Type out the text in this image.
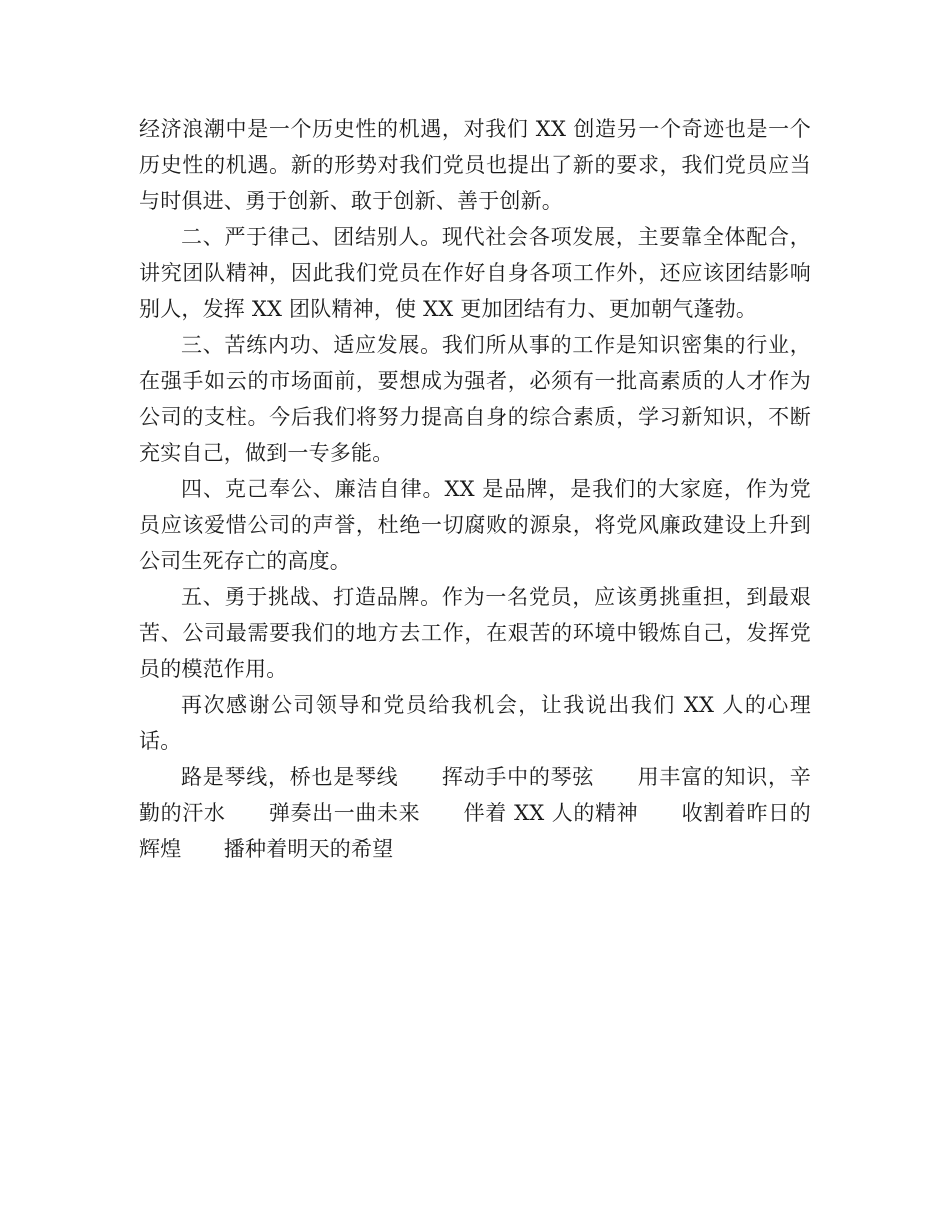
经济浪潮中是一个历史性的机遇，对我们 XX 创造另一个奇迹也是一个历史性的机遇。新的形势对我们党员也提出了新的要求，我们党员应当与时俱进、勇于创新、敢于创新、善于创新。

二、严于律己、团结别人。现代社会各项发展，主要靠全体配合，讲究团队精神，因此我们党员在作好自身各项工作外，还应该团结影响别人，发挥 XX 团队精神，使 XX 更加团结有力、更加朝气蓬勃。

三、苦练内功、适应发展。我们所从事的工作是知识密集的行业，在强手如云的市场面前，要想成为强者，必须有一批高素质的人才作为公司的支柱。今后我们将努力提高自身的综合素质，学习新知识，不断充实自己，做到一专多能。

四、克己奉公、廉洁自律。XX 是品牌，是我们的大家庭，作为党员应该爱惜公司的声誉，杜绝一切腐败的源泉，将党风廉政建设上升到公司生死存亡的高度。

五、勇于挑战、打造品牌。作为一名党员，应该勇挑重担，到最艰苦、公司最需要我们的地方去工作，在艰苦的环境中锻炼自己，发挥党员的模范作用。

再次感谢公司领导和党员给我机会，让我说出我们 XX 人的心理话。

路是琴线，桥也是琴线　　挥动手中的琴弦　　用丰富的知识，辛勤的汗水　　弹奏出一曲未来　　伴着 XX 人的精神　　收割着昨日的辉煌　　播种着明天的希望
